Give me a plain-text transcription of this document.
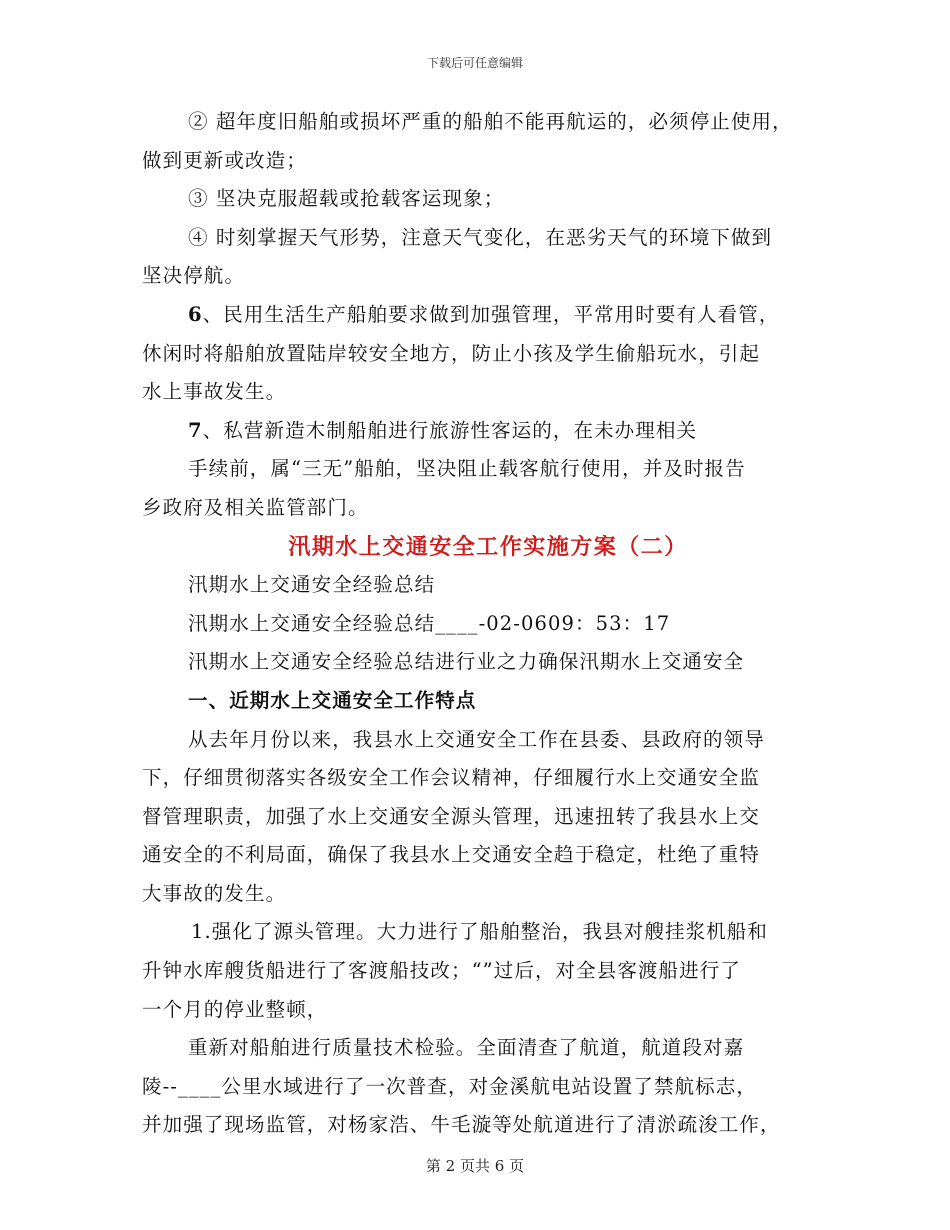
下载后可任意编辑

② 超年度旧船舶或损坏严重的船舶不能再航运的，必须停止使用，

做到更新或改造；

③ 坚决克服超载或抢载客运现象；

④ 时刻掌握天气形势，注意天气变化，在恶劣天气的环境下做到

坚决停航。

6、民用生活生产船舶要求做到加强管理，平常用时要有人看管，

休闲时将船舶放置陆岸较安全地方，防止小孩及学生偷船玩水，引起

水上事故发生。

7、私营新造木制船舶进行旅游性客运的，在未办理相关

手续前，属“三无”船舶，坚决阻止载客航行使用，并及时报告

乡政府及相关监管部门。

汛期水上交通安全工作实施方案（二）

汛期水上交通安全经验总结

汛期水上交通安全经验总结____-02-0609：53：17

汛期水上交通安全经验总结进行业之力确保汛期水上交通安全

一、近期水上交通安全工作特点

从去年月份以来，我县水上交通安全工作在县委、县政府的领导

下，仔细贯彻落实各级安全工作会议精神，仔细履行水上交通安全监

督管理职责，加强了水上交通安全源头管理，迅速扭转了我县水上交

通安全的不利局面，确保了我县水上交通安全趋于稳定，杜绝了重特

大事故的发生。

1.强化了源头管理。大力进行了船舶整治，我县对艘挂浆机船和

升钟水库艘货船进行了客渡船技改；“”过后，对全县客渡船进行了

一个月的停业整顿，

重新对船舶进行质量技术检验。全面清查了航道，航道段对嘉

陵--____公里水域进行了一次普查，对金溪航电站设置了禁航标志，

并加强了现场监管，对杨家浩、牛毛漩等处航道进行了清淤疏浚工作，

第 2 页共 6 页
